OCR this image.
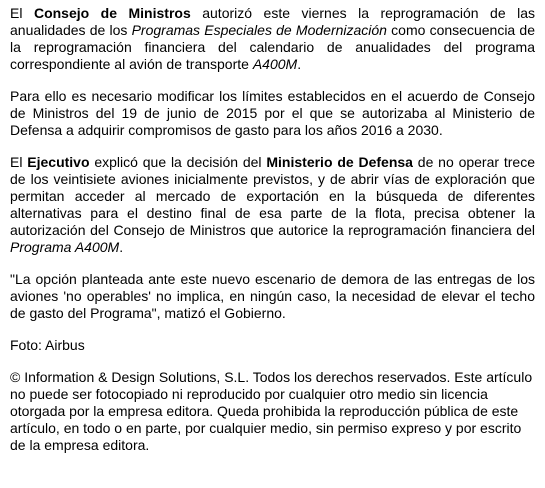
El Consejo de Ministros autorizó este viernes la reprogramación de las anualidades de los Programas Especiales de Modernización como consecuencia de la reprogramación financiera del calendario de anualidades del programa correspondiente al avión de transporte A400M.

Para ello es necesario modificar los límites establecidos en el acuerdo de Consejo de Ministros del 19 de junio de 2015 por el que se autorizaba al Ministerio de Defensa a adquirir compromisos de gasto para los años 2016 a 2030.

El Ejecutivo explicó que la decisión del Ministerio de Defensa de no operar trece de los veintisiete aviones inicialmente previstos, y de abrir vías de exploración que permitan acceder al mercado de exportación en la búsqueda de diferentes alternativas para el destino final de esa parte de la flota, precisa obtener la autorización del Consejo de Ministros que autorice la reprogramación financiera del Programa A400M.

"La opción planteada ante este nuevo escenario de demora de las entregas de los aviones 'no operables' no implica, en ningún caso, la necesidad de elevar el techo de gasto del Programa", matizó el Gobierno.

Foto: Airbus

© Information & Design Solutions, S.L. Todos los derechos reservados. Este artículo no puede ser fotocopiado ni reproducido por cualquier otro medio sin licencia otorgada por la empresa editora. Queda prohibida la reproducción pública de este artículo, en todo o en parte, por cualquier medio, sin permiso expreso y por escrito de la empresa editora.
